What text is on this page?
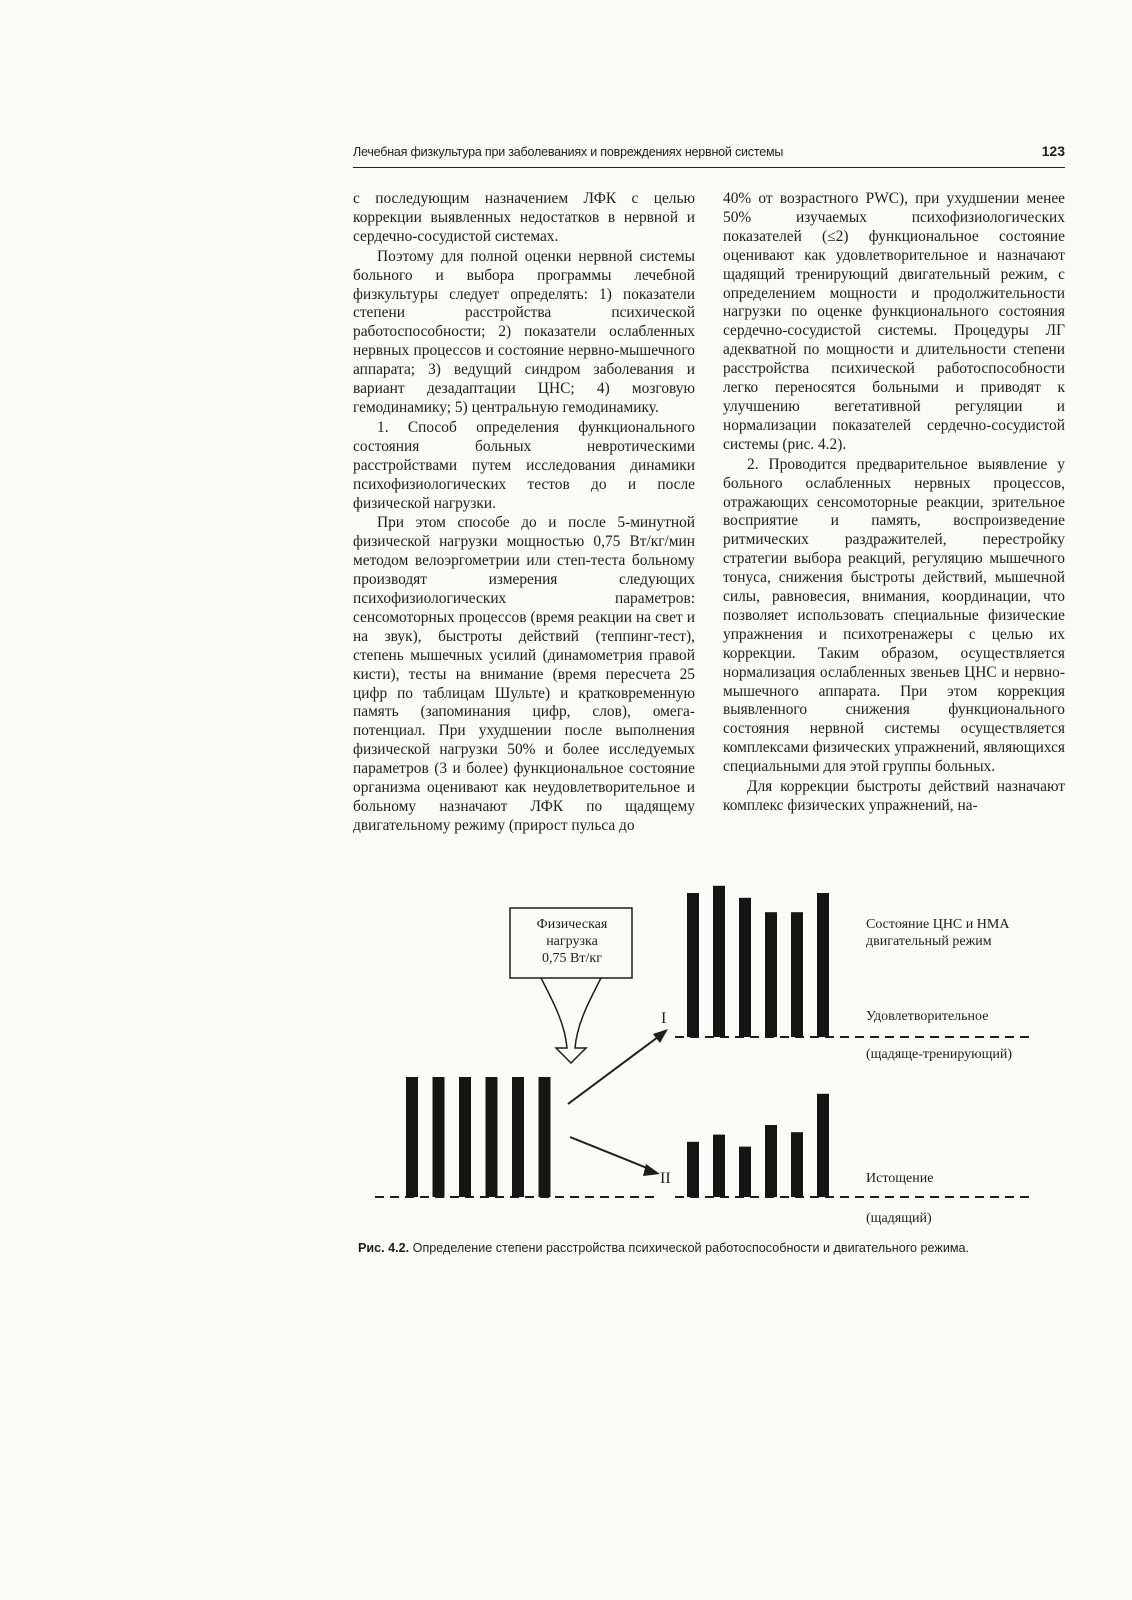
Лечебная физкультура при заболеваниях и повреждениях нервной системы	123

с последующим назначением ЛФК с целью коррекции выявленных недостатков в нервной и сердечно-сосудистой системах.

Поэтому для полной оценки нервной системы больного и выбора программы лечебной физкультуры следует определять: 1) показатели степени расстройства психической работоспособности; 2) показатели ослабленных нервных процессов и состояние нервно-мышечного аппарата; 3) ведущий синдром заболевания и вариант дезадаптации ЦНС; 4) мозговую гемодинамику; 5) центральную гемодинамику.

1. Способ определения функционального состояния больных невротическими расстройствами путем исследования динамики психофизиологических тестов до и после физической нагрузки.

При этом способе до и после 5-минутной физической нагрузки мощностью 0,75 Вт/кг/мин методом велоэргометрии или степ-теста больному производят измерения следующих психофизиологических параметров: сенсомоторных процессов (время реакции на свет и на звук), быстроты действий (теппинг-тест), степень мышечных усилий (динамометрия правой кисти), тесты на внимание (время пересчета 25 цифр по таблицам Шульте) и кратковременную память (запоминания цифр, слов), омега-потенциал. При ухудшении после выполнения физической нагрузки 50% и более исследуемых параметров (3 и более) функциональное состояние организма оценивают как неудовлетворительное и больному назначают ЛФК по щадящему двигательному режиму (прирост пульса до

40% от возрастного PWC), при ухудшении менее 50% изучаемых психофизиологических показателей (≤2) функциональное состояние оценивают как удовлетворительное и назначают щадящий тренирующий двигательный режим, с определением мощности и продолжительности нагрузки по оценке функционального состояния сердечно-сосудистой системы. Процедуры ЛГ адекватной по мощности и длительности степени расстройства психической работоспособности легко переносятся больными и приводят к улучшению вегетативной регуляции и нормализации показателей сердечно-сосудистой системы (рис. 4.2).

2. Проводится предварительное выявление у больного ослабленных нервных процессов, отражающих сенсомоторные реакции, зрительное восприятие и память, воспроизведение ритмических раздражителей, перестройку стратегии выбора реакций, регуляцию мышечного тонуса, снижения быстроты действий, мышечной силы, равновесия, внимания, координации, что позволяет использовать специальные физические упражнения и психотренажеры с целью их коррекции. Таким образом, осуществляется нормализация ослабленных звеньев ЦНС и нервно-мышечного аппарата. При этом коррекция выявленного снижения функционального состояния нервной системы осуществляется комплексами физических упражнений, являющихся специальными для этой группы больных.

Для коррекции быстроты действий назначают комплекс физических упражнений, на-

Физическая
нагрузка
0,75 Вт/кг
I
II
Состояние ЦНС и НМА
двигательный режим
Удовлетворительное
(щадяще-тренирующий)
Истощение
(щадящий)
Рис. 4.2. Определение степени расстройства психической работоспособности и двигательного режима.
